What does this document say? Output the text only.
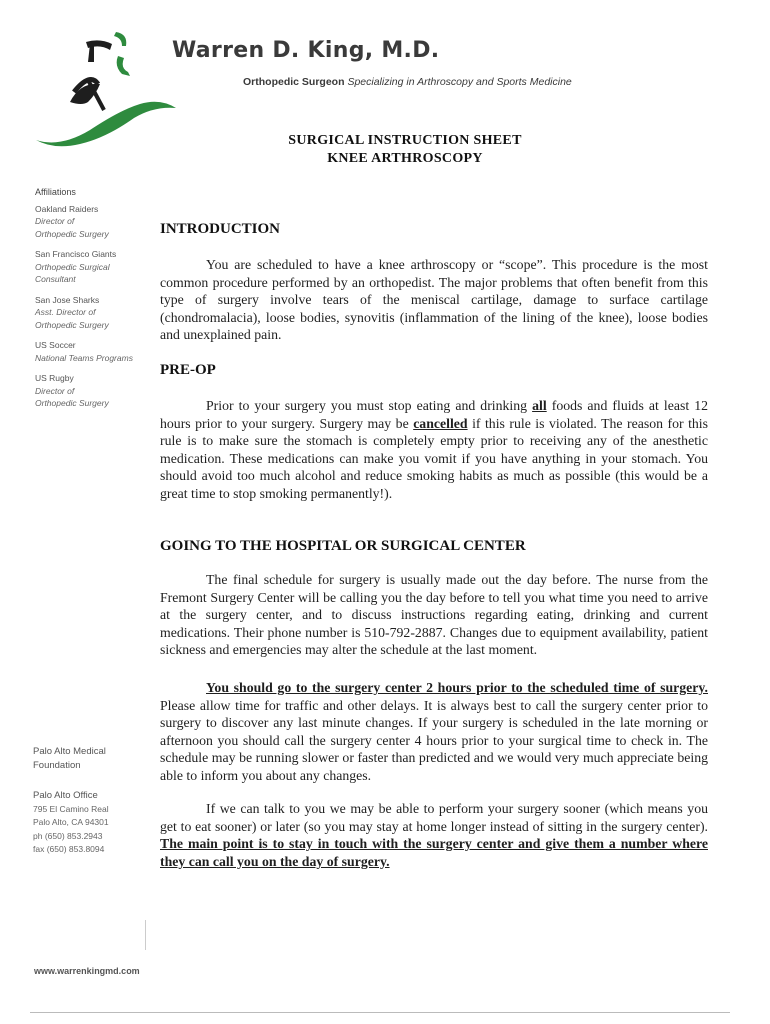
Warren D. King, M.D.
Orthopedic Surgeon Specializing in Arthroscopy and Sports Medicine
SURGICAL INSTRUCTION SHEET
KNEE ARTHROSCOPY
Affiliations
Oakland Raiders
Director of
Orthopedic Surgery
San Francisco Giants
Orthopedic Surgical
Consultant
San Jose Sharks
Asst. Director of
Orthopedic Surgery
US Soccer
National Teams Programs
US Rugby
Director of
Orthopedic Surgery
Palo Alto Medical
Foundation
Palo Alto Office
795 El Camino Real
Palo Alto, CA 94301
ph (650) 853.2943
fax (650) 853.8094
www.warrenkingmd.com
INTRODUCTION

You are scheduled to have a knee arthroscopy or “scope”. This procedure is the most common procedure performed by an orthopedist. The major problems that often benefit from this type of surgery involve tears of the meniscal cartilage, damage to surface cartilage (chondromalacia), loose bodies, synovitis (inflammation of the lining of the knee), loose bodies and unexplained pain.

PRE-OP

Prior to your surgery you must stop eating and drinking all foods and fluids at least 12 hours prior to your surgery. Surgery may be cancelled if this rule is violated. The reason for this rule is to make sure the stomach is completely empty prior to receiving any of the anesthetic medication. These medications can make you vomit if you have anything in your stomach. You should avoid too much alcohol and reduce smoking habits as much as possible (this would be a great time to stop smoking permanently!).

GOING TO THE HOSPITAL OR SURGICAL CENTER

The final schedule for surgery is usually made out the day before. The nurse from the Fremont Surgery Center will be calling you the day before to tell you what time you need to arrive at the surgery center, and to discuss instructions regarding eating, drinking and current medications. Their phone number is 510-792-2887. Changes due to equipment availability, patient sickness and emergencies may alter the schedule at the last moment.

You should go to the surgery center 2 hours prior to the scheduled time of surgery. Please allow time for traffic and other delays. It is always best to call the surgery center prior to surgery to discover any last minute changes. If your surgery is scheduled in the late morning or afternoon you should call the surgery center 4 hours prior to your surgical time to check in. The schedule may be running slower or faster than predicted and we would very much appreciate being able to inform you about any changes.

If we can talk to you we may be able to perform your surgery sooner (which means you get to eat sooner) or later (so you may stay at home longer instead of sitting in the surgery center). The main point is to stay in touch with the surgery center and give them a number where they can call you on the day of surgery.
